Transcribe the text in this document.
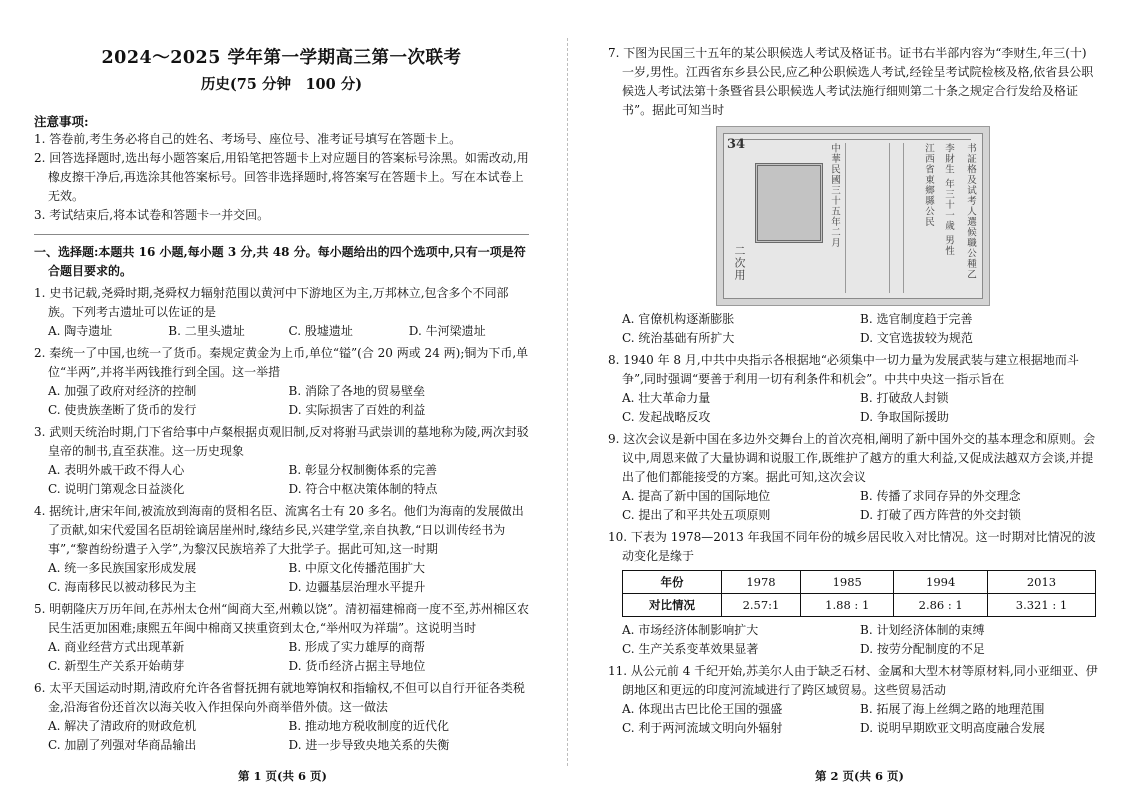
2024～2025 学年第一学期高三第一次联考
历史(75 分钟　100 分)
注意事项:

1. 答卷前,考生务必将自己的姓名、考场号、座位号、准考证号填写在答题卡上。

2. 回答选择题时,选出每小题答案后,用铅笔把答题卡上对应题目的答案标号涂黑。如需改动,用橡皮擦干净后,再选涂其他答案标号。回答非选择题时,将答案写在答题卡上。写在本试卷上无效。

3. 考试结束后,将本试卷和答题卡一并交回。

一、选择题:本题共 16 小题,每小题 3 分,共 48 分。每小题给出的四个选项中,只有一项是符合题目要求的。

1. 史书记载,尧舜时期,尧舜权力辐射范围以黄河中下游地区为主,万邦林立,包含多个不同部族。下列考古遗址可以佐证的是

A. 陶寺遗址	B. 二里头遗址	C. 殷墟遗址	D. 牛河梁遗址

2. 秦统一了中国,也统一了货币。秦规定黄金为上币,单位“镒”(合 20 两或 24 两);铜为下币,单位“半两”,并将半两钱推行到全国。这一举措

A. 加强了政府对经济的控制	B. 消除了各地的贸易壁垒
C. 使贵族垄断了货币的发行	D. 实际损害了百姓的利益

3. 武则天统治时期,门下省给事中卢粲根据贞观旧制,反对将驸马武崇训的墓地称为陵,两次封驳皇帝的制书,直至获准。这一历史现象

A. 表明外戚干政不得人心	B. 彰显分权制衡体系的完善
C. 说明门第观念日益淡化	D. 符合中枢决策体制的特点

4. 据统计,唐宋年间,被流放到海南的贤相名臣、流寓名士有 20 多名。他们为海南的发展做出了贡献,如宋代爱国名臣胡铨谪居崖州时,缘结乡民,兴建学堂,亲自执教,“日以训传经书为事”,“黎酋纷纷遣子入学”,为黎汉民族培养了大批学子。据此可知,这一时期

A. 统一多民族国家形成发展	B. 中原文化传播范围扩大
C. 海南移民以被动移民为主	D. 边疆基层治理水平提升

5. 明朝隆庆万历年间,在苏州太仓州“闽商大至,州赖以饶”。清初福建棉商一度不至,苏州棉区农民生活更加困难;康熙五年闽中棉商又挟重资到太仓,“举州叹为祥瑞”。这说明当时

A. 商业经营方式出现革新	B. 形成了实力雄厚的商帮
C. 新型生产关系开始萌芽	D. 货币经济占据主导地位

6. 太平天国运动时期,清政府允许各省督抚拥有就地筹饷权和指输权,不但可以自行开征各类税金,沿海省份还首次以海关收入作担保向外商举借外债。这一做法

A. 解决了清政府的财政危机	B. 推动地方税收制度的近代化
C. 加剧了列强对华商品输出	D. 进一步导致央地关系的失衡

7. 下图为民国三十五年的某公职候选人考试及格证书。证书右半部内容为“李财生,年三(十)一岁,男性。江西省东乡县公民,应乙种公职候选人考试,经铨呈考试院检核及格,依省县公职候选人考试法第十条暨省县公职候选人考试法施行细则第二十条之规定合行发给及格证书”。据此可知当时

书証格及试考人選候職公種乙
李財生 年三十一歲 男性
江西省東鄉縣公民
中華民國三十五年二月
二次用
34
A. 官僚机构逐渐膨胀	B. 选官制度趋于完善
C. 统治基础有所扩大	D. 文官选拔较为规范

8. 1940 年 8 月,中共中央指示各根据地“必须集中一切力量为发展武装与建立根据地而斗争”,同时强调“要善于利用一切有利条件和机会”。中共中央这一指示旨在

A. 壮大革命力量	B. 打破敌人封锁
C. 发起战略反攻	D. 争取国际援助

9. 这次会议是新中国在多边外交舞台上的首次亮相,阐明了新中国外交的基本理念和原则。会议中,周恩来做了大量协调和说服工作,既维护了越方的重大利益,又促成法越双方会谈,并提出了他们都能接受的方案。据此可知,这次会议

A. 提高了新中国的国际地位	B. 传播了求同存异的外交理念
C. 提出了和平共处五项原则	D. 打破了西方阵营的外交封锁

10. 下表为 1978—2013 年我国不同年份的城乡居民收入对比情况。这一时期对比情况的波动变化是缘于

年份	1978	1985	1994	2013
对比情况	2.57:1	1.88 : 1	2.86 : 1	3.321 : 1
A. 市场经济体制影响扩大	B. 计划经济体制的束缚
C. 生产关系变革效果显著	D. 按劳分配制度的不足

11. 从公元前 4 千纪开始,苏美尔人由于缺乏石材、金属和大型木材等原材料,同小亚细亚、伊朗地区和更远的印度河流域进行了跨区域贸易。这些贸易活动

A. 体现出古巴比伦王国的强盛	B. 拓展了海上丝绸之路的地理范围
C. 利于两河流域文明向外辐射	D. 说明早期欧亚文明高度融合发展
第 1 页(共 6 页)	第 2 页(共 6 页)
